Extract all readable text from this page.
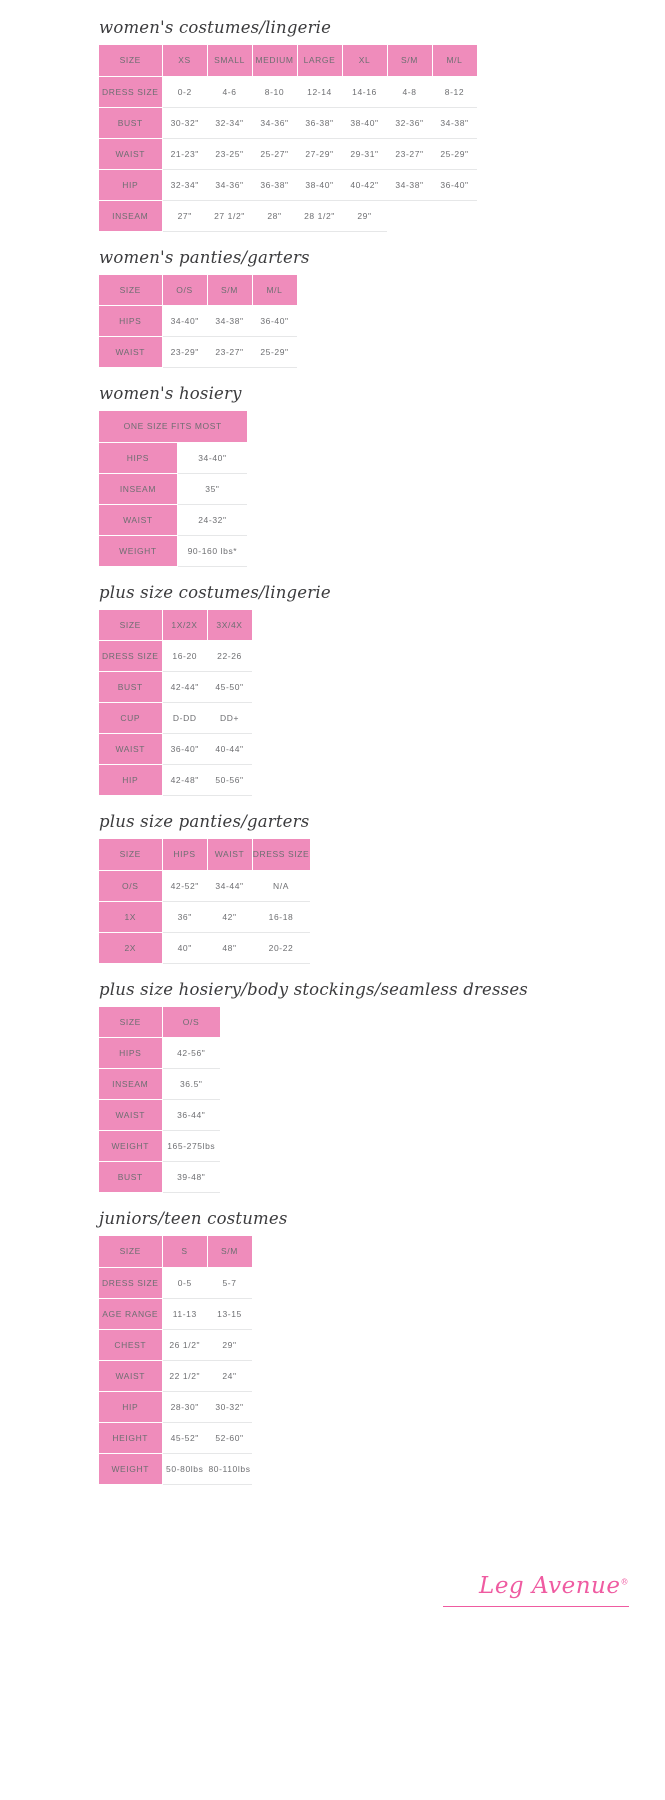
women's costumes/lingerie
SIZE	XS	SMALL	MEDIUM	LARGE	XL	S/M	M/L
DRESS SIZE	0-2	4-6	8-10	12-14	14-16	4-8	8-12
BUST	30-32"	32-34"	34-36"	36-38"	38-40"	32-36"	34-38"
WAIST	21-23"	23-25"	25-27"	27-29"	29-31"	23-27"	25-29"
HIP	32-34"	34-36"	36-38"	38-40"	40-42"	34-38"	36-40"
INSEAM	27"	27 1/2"	28"	28 1/2"	29"		
women's panties/garters
SIZE	O/S	S/M	M/L
HIPS	34-40"	34-38"	36-40"
WAIST	23-29"	23-27"	25-29"
women's hosiery
ONE SIZE FITS MOST	
HIPS	34-40"
INSEAM	35"
WAIST	24-32"
WEIGHT	90-160 lbs*
plus size costumes/lingerie
SIZE	1X/2X	3X/4X
DRESS SIZE	16-20	22-26
BUST	42-44"	45-50"
CUP	D-DD	DD+
WAIST	36-40"	40-44"
HIP	42-48"	50-56"
plus size panties/garters
SIZE	HIPS	WAIST	DRESS SIZE
O/S	42-52"	34-44"	N/A
1X	36"	42"	16-18
2X	40"	48"	20-22
plus size hosiery/body stockings/seamless dresses
SIZE	O/S
HIPS	42-56"
INSEAM	36.5"
WAIST	36-44"
WEIGHT	165-275lbs
BUST	39-48"
juniors/teen costumes
SIZE	S	S/M
DRESS SIZE	0-5	5-7
AGE RANGE	11-13	13-15
CHEST	26 1/2"	29"
WAIST	22 1/2"	24"
HIP	28-30"	30-32"
HEIGHT	45-52"	52-60"
WEIGHT	50-80lbs	80-110lbs
Leg Avenue®
